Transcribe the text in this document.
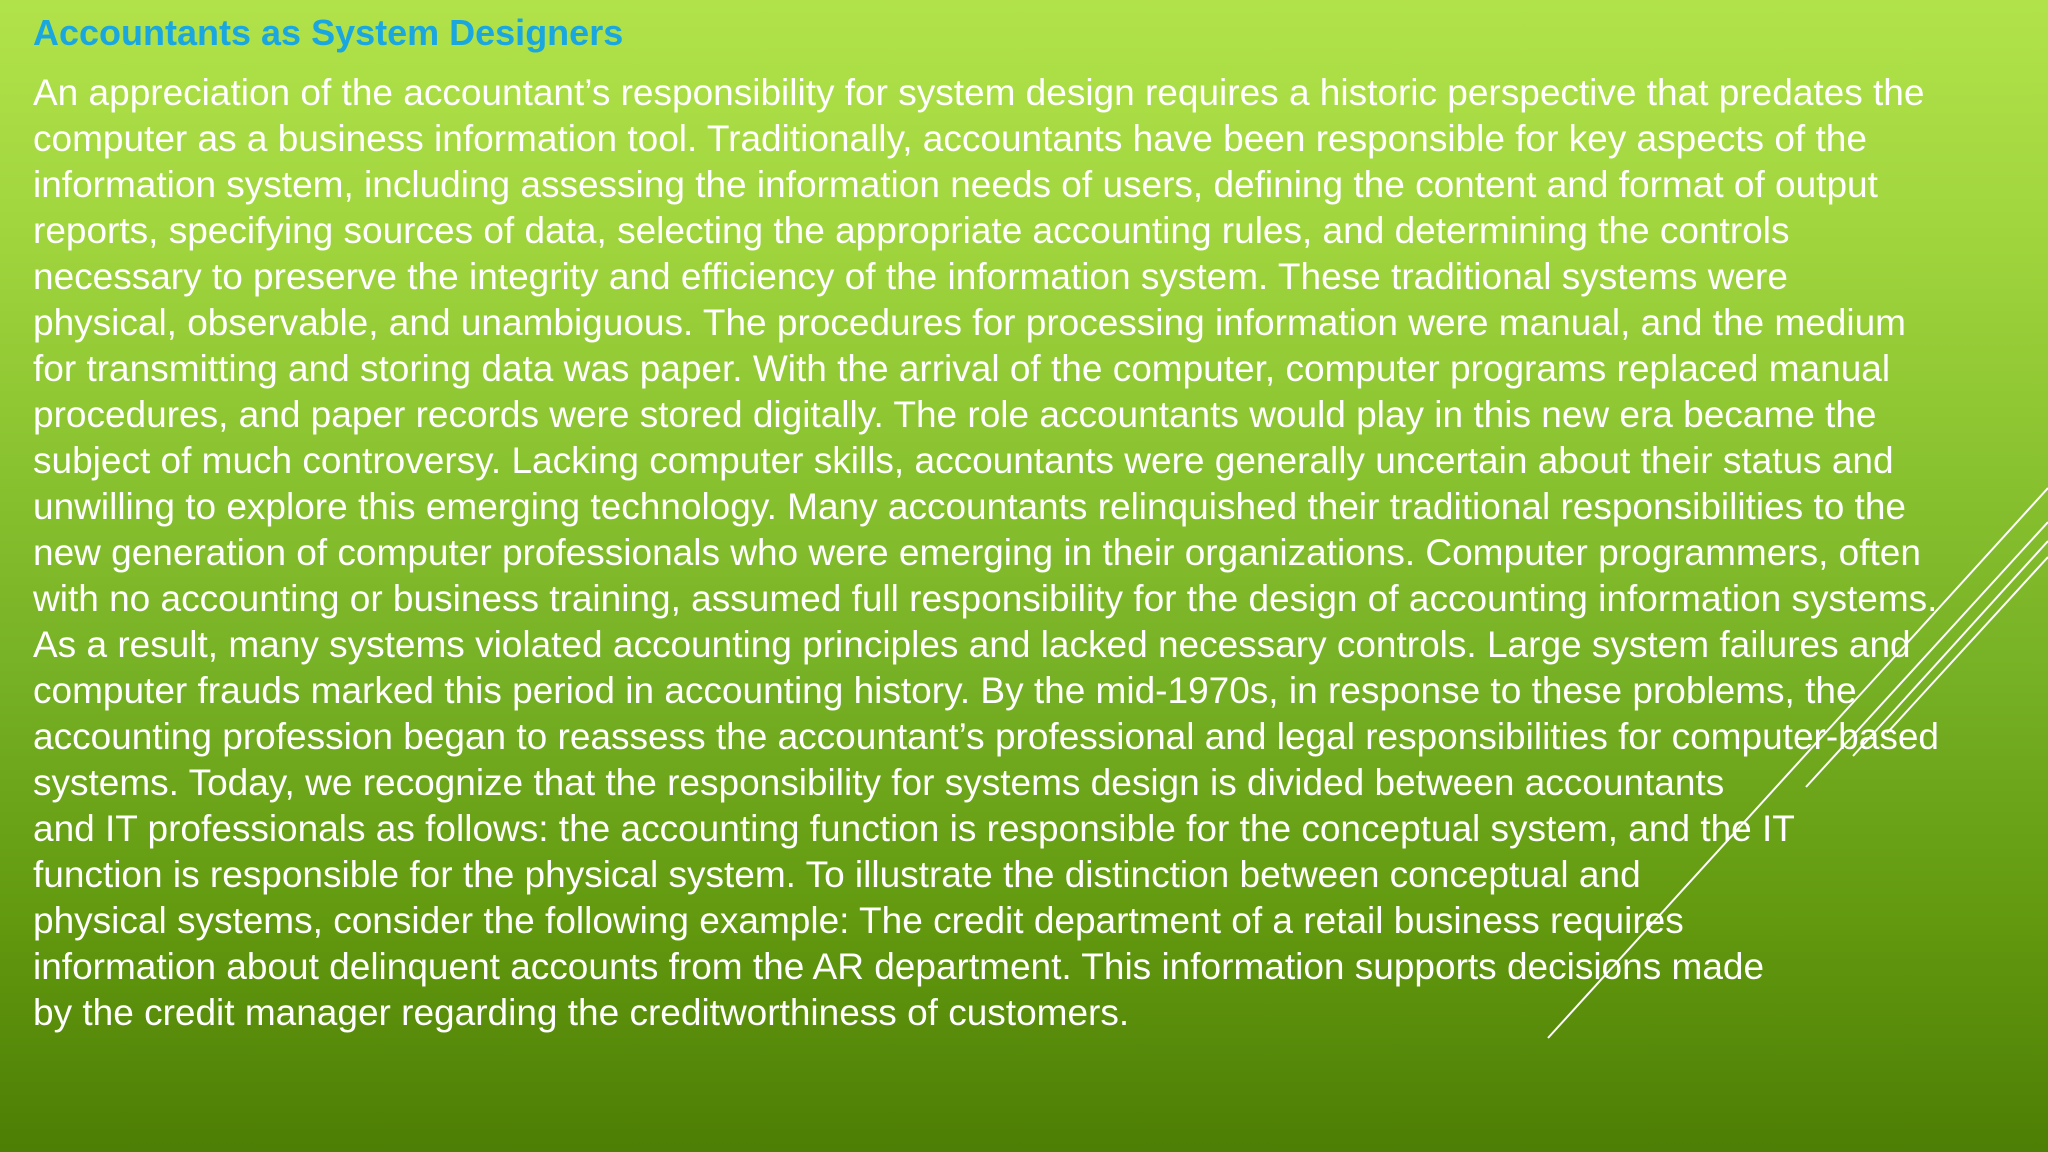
Accountants as System Designers
An appreciation of the accountant’s responsibility for system design requires a historic perspective that predates the
computer as a business information tool. Traditionally, accountants have been responsible for key aspects of the
information system, including assessing the information needs of users, defining the content and format of output
reports, specifying sources of data, selecting the appropriate accounting rules, and determining the controls
necessary to preserve the integrity and efficiency of the information system. These traditional systems were
physical, observable, and unambiguous. The procedures for processing information were manual, and the medium
for transmitting and storing data was paper. With the arrival of the computer, computer programs replaced manual
procedures, and paper records were stored digitally. The role accountants would play in this new era became the
subject of much controversy. Lacking computer skills, accountants were generally uncertain about their status and
unwilling to explore this emerging technology. Many accountants relinquished their traditional responsibilities to the
new generation of computer professionals who were emerging in their organizations. Computer programmers, often
with no accounting or business training, assumed full responsibility for the design of accounting information systems.
As a result, many systems violated accounting principles and lacked necessary controls. Large system failures and
computer frauds marked this period in accounting history. By the mid-1970s, in response to these problems, the
accounting profession began to reassess the accountant’s professional and legal responsibilities for computer-based
systems. Today, we recognize that the responsibility for systems design is divided between accountants
and IT professionals as follows: the accounting function is responsible for the conceptual system, and the IT
function is responsible for the physical system. To illustrate the distinction between conceptual and
physical systems, consider the following example: The credit department of a retail business requires
information about delinquent accounts from the AR department. This information supports decisions made
by the credit manager regarding the creditworthiness of customers.
